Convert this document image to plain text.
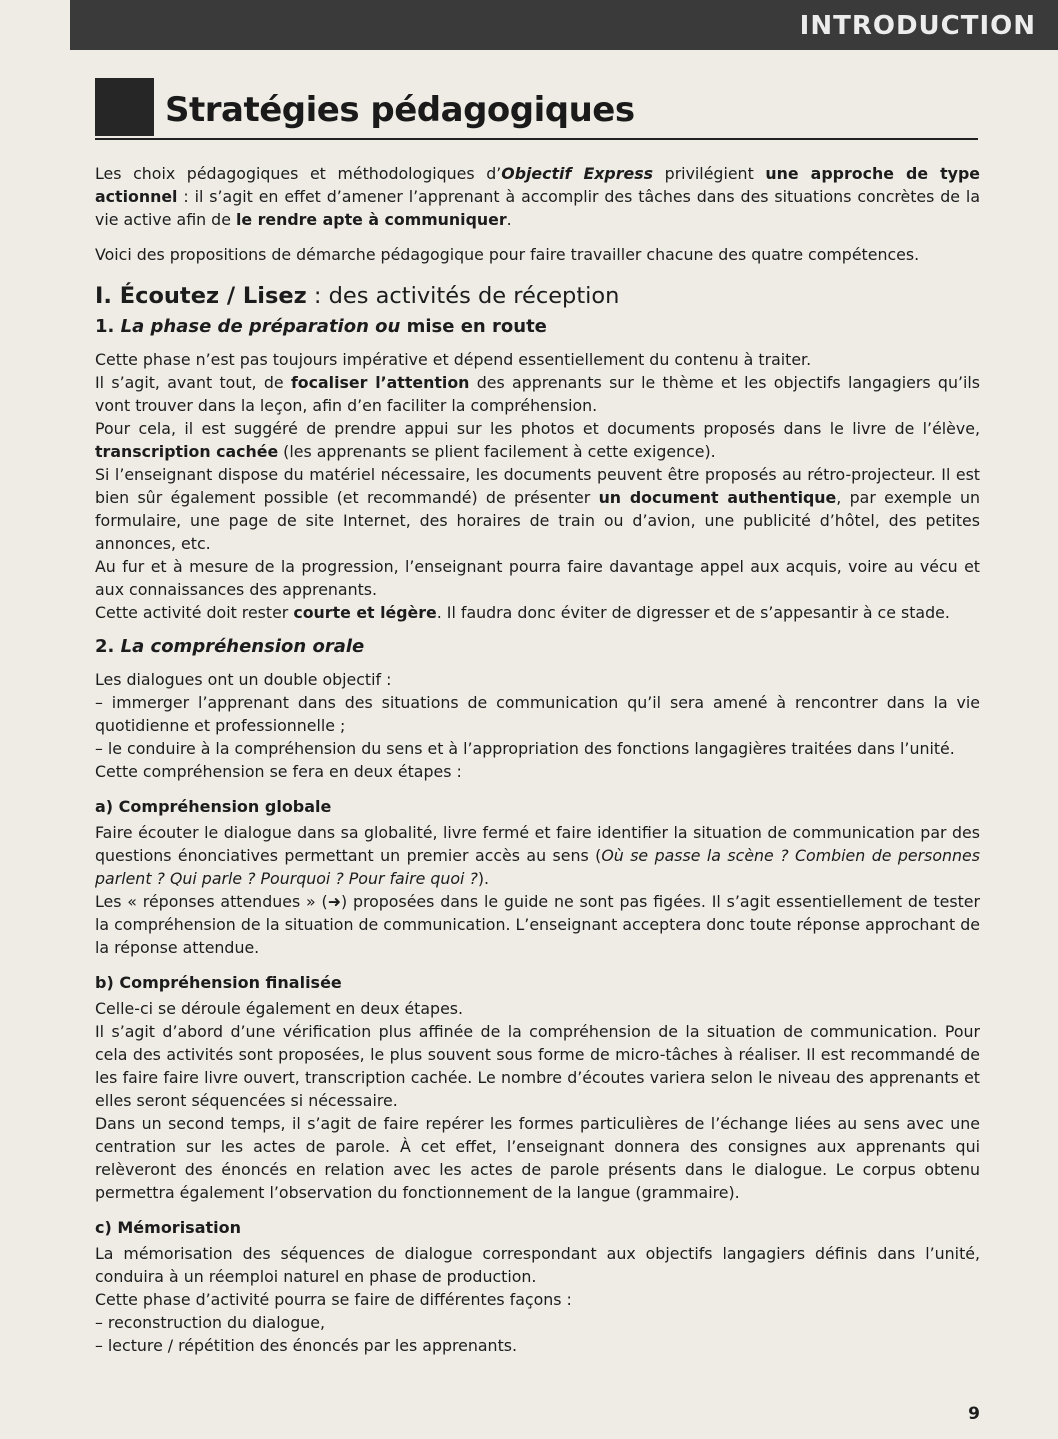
INTRODUCTION
Stratégies pédagogiques

Les choix pédagogiques et méthodologiques d’Objectif Express privilégient une approche de type actionnel : il s’agit en effet d’amener l’apprenant à accomplir des tâches dans des situations concrètes de la vie active afin de le rendre apte à communiquer.

Voici des propositions de démarche pédagogique pour faire travailler chacune des quatre compétences.

I. Écoutez / Lisez : des activités de réception
1. La phase de préparation ou mise en route

Cette phase n’est pas toujours impérative et dépend essentiellement du contenu à traiter.

Il s’agit, avant tout, de focaliser l’attention des apprenants sur le thème et les objectifs langagiers qu’ils vont trouver dans la leçon, afin d’en faciliter la compréhension.

Pour cela, il est suggéré de prendre appui sur les photos et documents proposés dans le livre de l’élève, transcription cachée (les apprenants se plient facilement à cette exigence).

Si l’enseignant dispose du matériel nécessaire, les documents peuvent être proposés au rétro-projecteur. Il est bien sûr également possible (et recommandé) de présenter un document authentique, par exemple un formulaire, une page de site Internet, des horaires de train ou d’avion, une publicité d’hôtel, des petites annonces, etc.

Au fur et à mesure de la progression, l’enseignant pourra faire davantage appel aux acquis, voire au vécu et aux connaissances des apprenants.

Cette activité doit rester courte et légère. Il faudra donc éviter de digresser et de s’appesantir à ce stade.

2. La compréhension orale

Les dialogues ont un double objectif :

– immerger l’apprenant dans des situations de communication qu’il sera amené à rencontrer dans la vie quotidienne et professionnelle ;

– le conduire à la compréhension du sens et à l’appropriation des fonctions langagières traitées dans l’unité.

Cette compréhension se fera en deux étapes :

a) Compréhension globale

Faire écouter le dialogue dans sa globalité, livre fermé et faire identifier la situation de communication par des questions énonciatives permettant un premier accès au sens (Où se passe la scène ? Combien de personnes parlent ? Qui parle ? Pourquoi ? Pour faire quoi ?).

Les « réponses attendues » (➜) proposées dans le guide ne sont pas figées. Il s’agit essentiellement de tester la compréhension de la situation de communication. L’enseignant acceptera donc toute réponse approchant de la réponse attendue.

b) Compréhension finalisée

Celle-ci se déroule également en deux étapes.

Il s’agit d’abord d’une vérification plus affinée de la compréhension de la situation de communication. Pour cela des activités sont proposées, le plus souvent sous forme de micro-tâches à réaliser. Il est recommandé de les faire faire livre ouvert, transcription cachée. Le nombre d’écoutes variera selon le niveau des apprenants et elles seront séquencées si nécessaire.

Dans un second temps, il s’agit de faire repérer les formes particulières de l’échange liées au sens avec une centration sur les actes de parole. À cet effet, l’enseignant donnera des consignes aux apprenants qui relèveront des énoncés en relation avec les actes de parole présents dans le dialogue. Le corpus obtenu permettra également l’observation du fonctionnement de la langue (grammaire).

c) Mémorisation

La mémorisation des séquences de dialogue correspondant aux objectifs langagiers définis dans l’unité, conduira à un réemploi naturel en phase de production.

Cette phase d’activité pourra se faire de différentes façons :

– reconstruction du dialogue,

– lecture / répétition des énoncés par les apprenants.

9
